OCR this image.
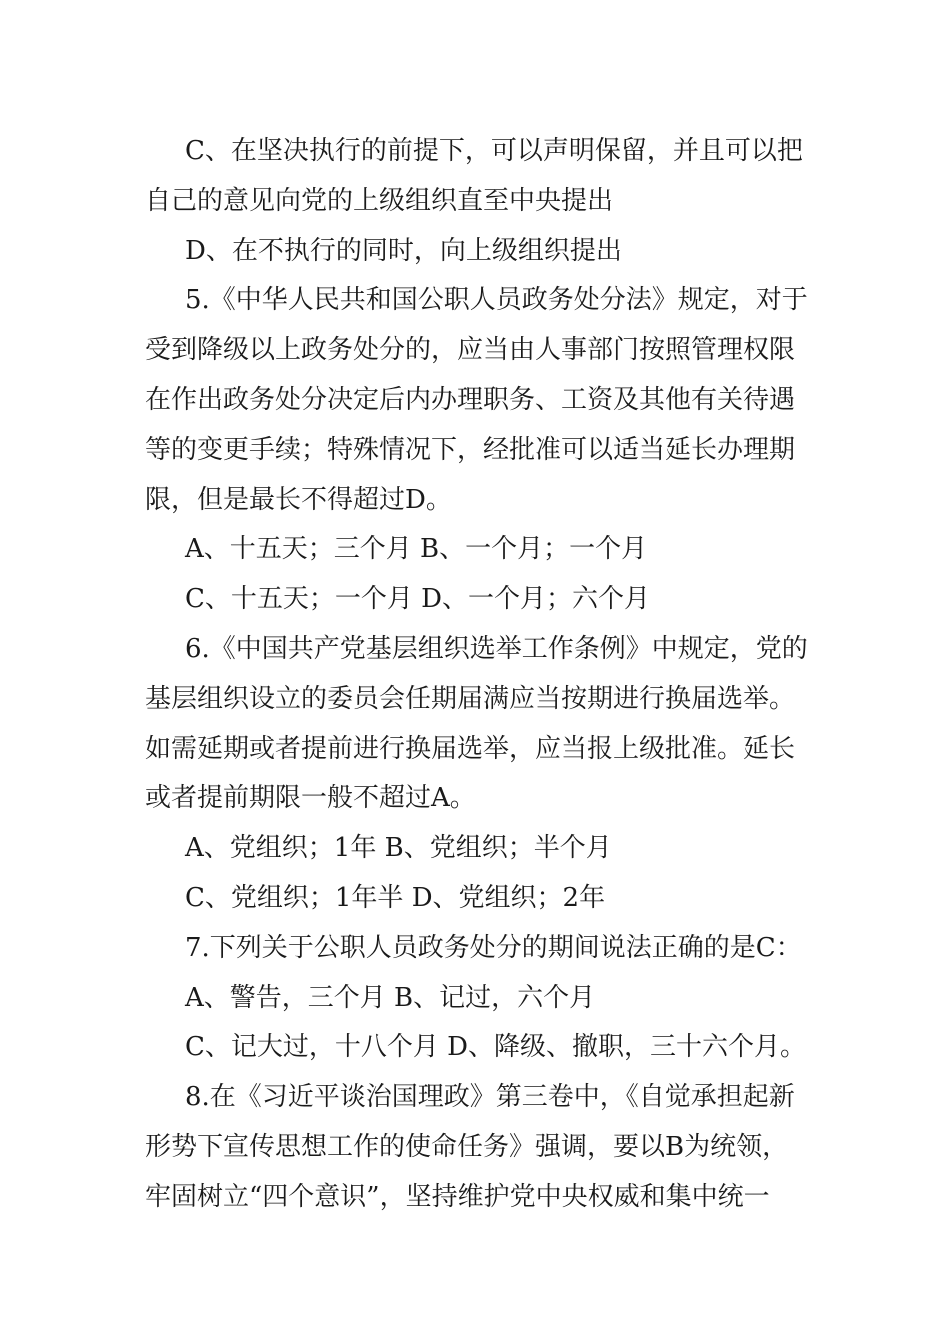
C、在坚决执行的前提下，可以声明保留，并且可以把
自己的意见向党的上级组织直至中央提出
D、在不执行的同时，向上级组织提出
5.《中华人民共和国公职人员政务处分法》规定，对于
受到降级以上政务处分的，应当由人事部门按照管理权限
在作出政务处分决定后内办理职务、工资及其他有关待遇
等的变更手续；特殊情况下，经批准可以适当延长办理期
限，但是最长不得超过D。
A、十五天；三个月 B、一个月；一个月
C、十五天；一个月 D、一个月；六个月
6.《中国共产党基层组织选举工作条例》中规定，党的
基层组织设立的委员会任期届满应当按期进行换届选举。
如需延期或者提前进行换届选举，应当报上级批准。延长
或者提前期限一般不超过A。
A、党组织；1年 B、党组织；半个月
C、党组织；1年半 D、党组织；2年
7.下列关于公职人员政务处分的期间说法正确的是C：
A、警告，三个月 B、记过，六个月
C、记大过，十八个月 D、降级、撤职，三十六个月。
8.在《习近平谈治国理政》第三卷中，《自觉承担起新
形势下宣传思想工作的使命任务》强调，要以B为统领，
牢固树立“四个意识”，坚持维护党中央权威和集中统一
